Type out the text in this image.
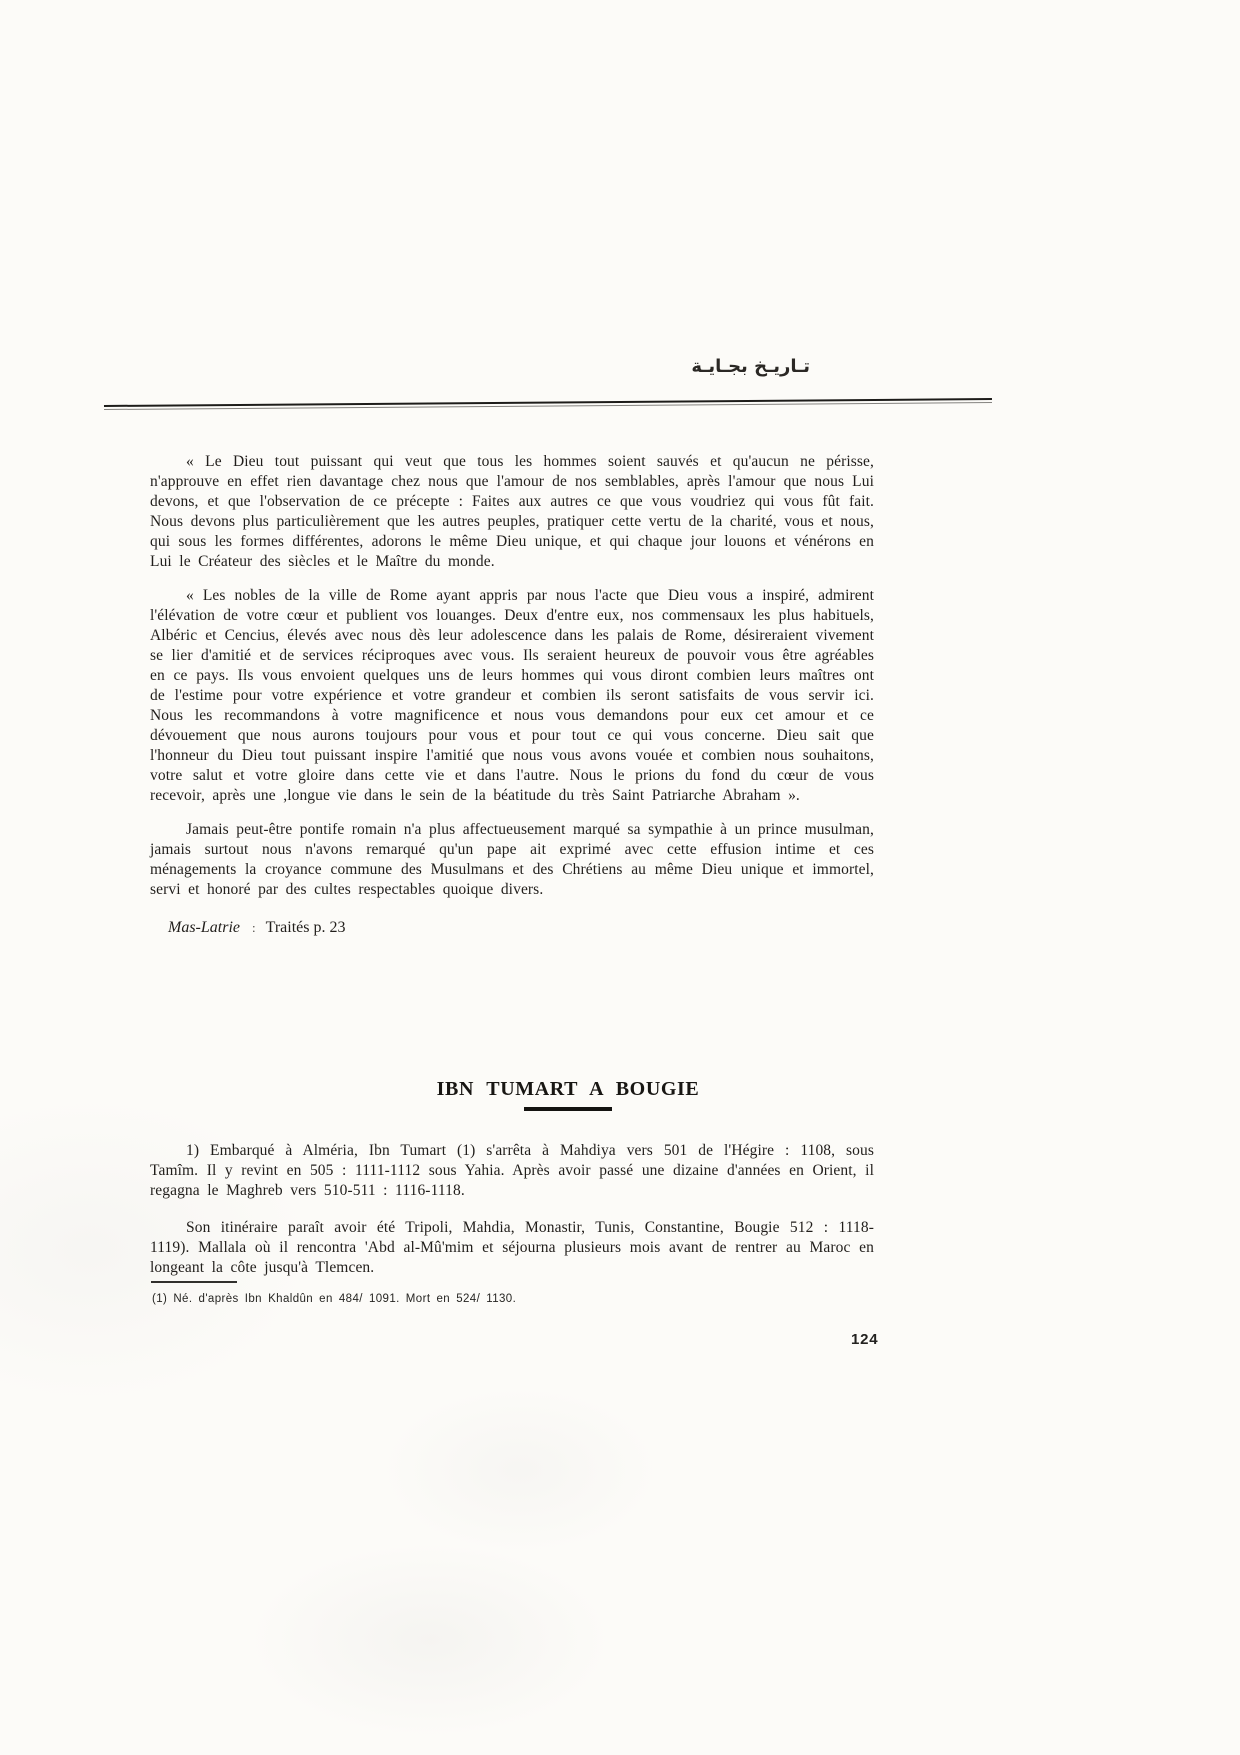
تـاريـخ بجـايـة

« Le Dieu tout puissant qui veut que tous les hommes soient sauvés et qu'aucun ne périsse, n'approuve en effet rien davantage chez nous que l'amour de nos semblables, après l'amour que nous Lui devons, et que l'observation de ce précepte : Faites aux autres ce que vous voudriez qui vous fût fait. Nous devons plus particulièrement que les autres peuples, pratiquer cette vertu de la charité, vous et nous, qui sous les formes différentes, adorons le même Dieu unique, et qui chaque jour louons et vénérons en Lui le Créateur des siècles et le Maître du monde.

« Les nobles de la ville de Rome ayant appris par nous l'acte que Dieu vous a inspiré, admirent l'élévation de votre cœur et publient vos louanges. Deux d'entre eux, nos commensaux les plus habituels, Albéric et Cencius, élevés avec nous dès leur adolescence dans les palais de Rome, désireraient vivement se lier d'amitié et de services réciproques avec vous. Ils seraient heureux de pouvoir vous être agréables en ce pays. Ils vous envoient quelques uns de leurs hommes qui vous diront combien leurs maîtres ont de l'estime pour votre expérience et votre grandeur et combien ils seront satisfaits de vous servir ici. Nous les recommandons à votre magnificence et nous vous demandons pour eux cet amour et ce dévouement que nous aurons toujours pour vous et pour tout ce qui vous concerne. Dieu sait que l'honneur du Dieu tout puissant inspire l'amitié que nous vous avons vouée et combien nous souhaitons, votre salut et votre gloire dans cette vie et dans l'autre. Nous le prions du fond du cœur de vous recevoir, après une ,longue vie dans le sein de la béatitude du très Saint Patriarche Abraham ».

Jamais peut-être pontife romain n'a plus affectueusement marqué sa sympathie à un prince musulman, jamais surtout nous n'avons remarqué qu'un pape ait exprimé avec cette effusion intime et ces ménagements la croyance commune des Musulmans et des Chrétiens au même Dieu unique et immortel, servi et honoré par des cultes respectables quoique divers.

Mas-Latrie : Traités p. 23

IBN TUMART A BOUGIE

1) Embarqué à Alméria, Ibn Tumart (1) s'arrêta à Mahdiya vers 501 de l'Hégire : 1108, sous Tamîm. Il y revint en 505 : 1111-1112 sous Yahia. Après avoir passé une dizaine d'années en Orient, il regagna le Maghreb vers 510-511 : 1116-1118.

Son itinéraire paraît avoir été Tripoli, Mahdia, Monastir, Tunis, Constantine, Bougie 512 : 1118-1119). Mallala où il rencontra 'Abd al-Mû'mim et séjourna plusieurs mois avant de rentrer au Maroc en longeant la côte jusqu'à Tlemcen.

(1) Né. d'après Ibn Khaldûn en 484/ 1091. Mort en 524/ 1130.

124
